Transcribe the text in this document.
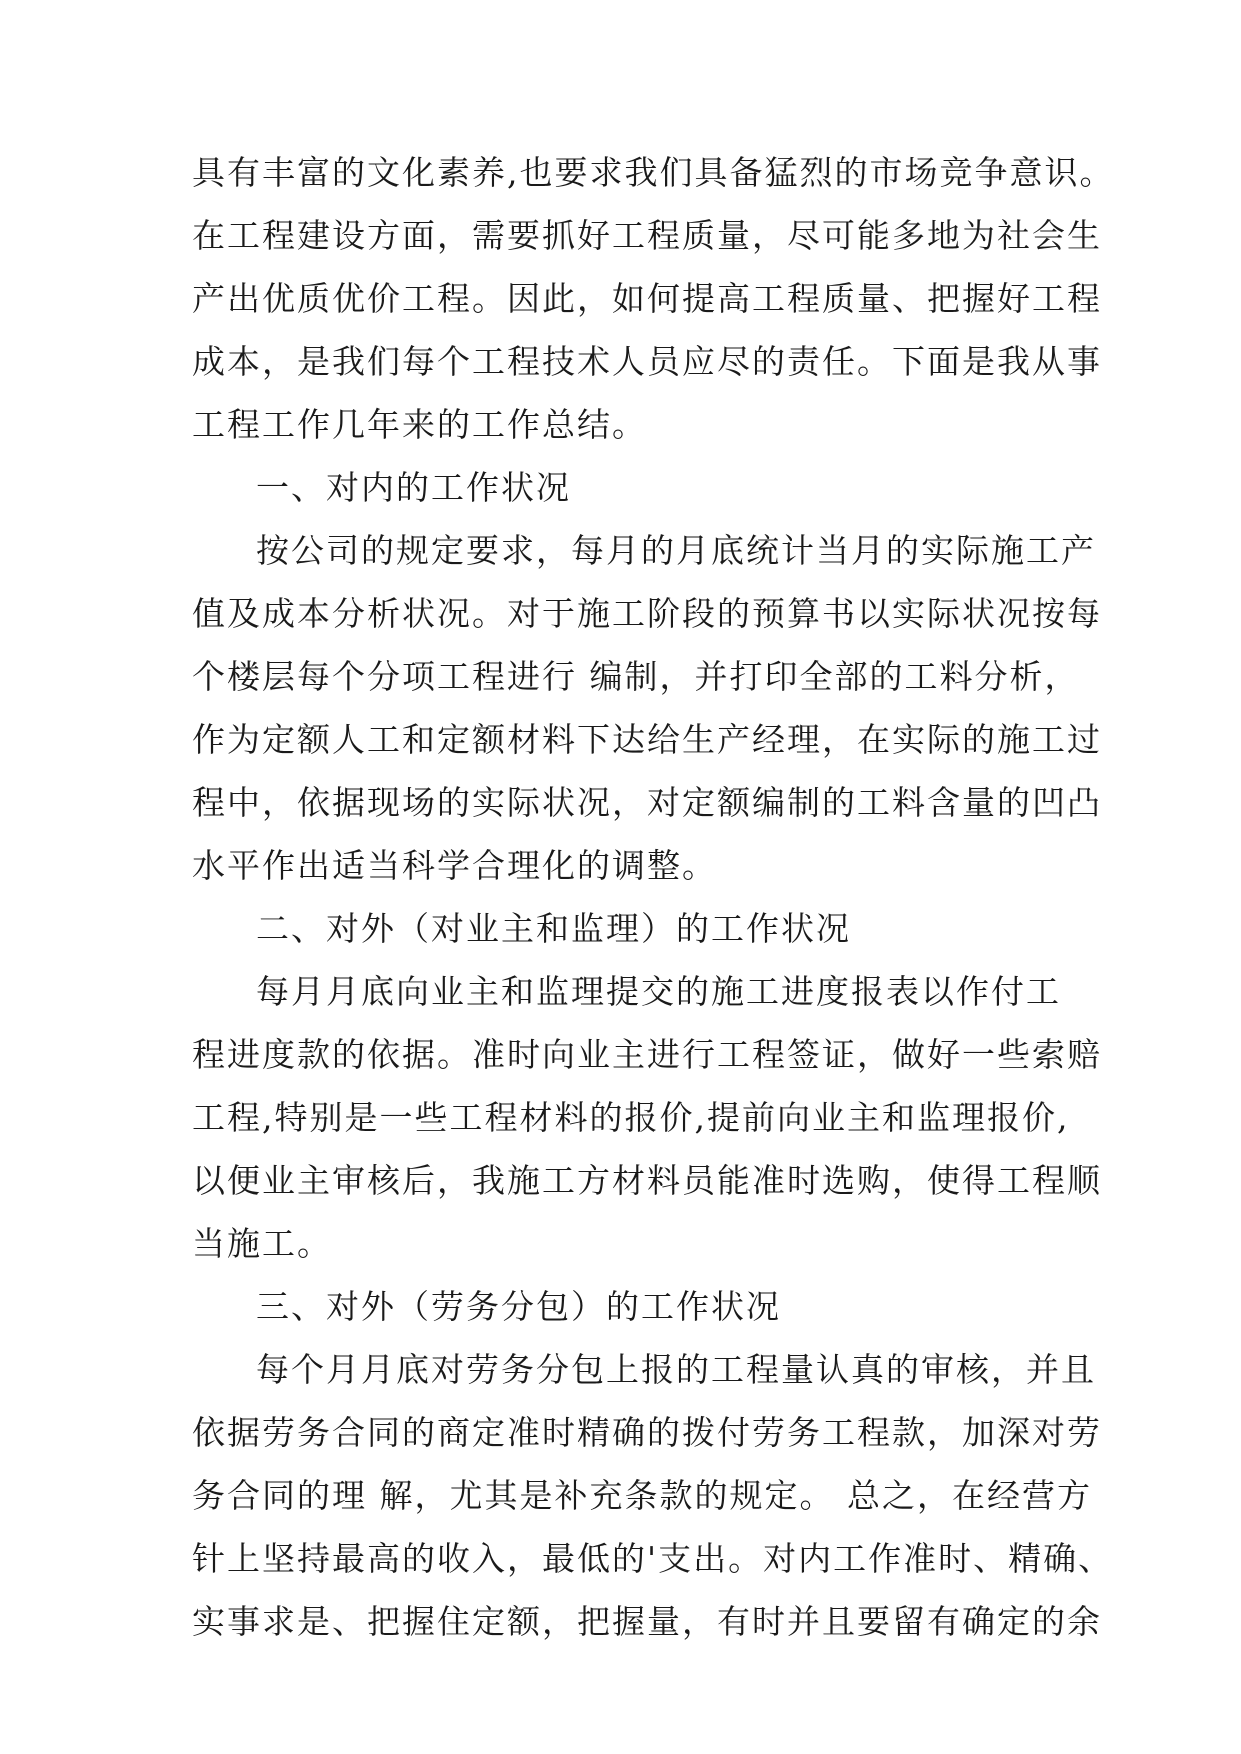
具有丰富的文化素养,也要求我们具备猛烈的市场竞争意识。
在工程建设方面，需要抓好工程质量，尽可能多地为社会生
产出优质优价工程。因此，如何提高工程质量、把握好工程
成本，是我们每个工程技术人员应尽的责任。下面是我从事
工程工作几年来的工作总结。
一、对内的工作状况
按公司的规定要求，每月的月底统计当月的实际施工产
值及成本分析状况。对于施工阶段的预算书以实际状况按每
个楼层每个分项工程进行 编制，并打印全部的工料分析，
作为定额人工和定额材料下达给生产经理，在实际的施工过
程中，依据现场的实际状况，对定额编制的工料含量的凹凸
水平作出适当科学合理化的调整。
二、对外（对业主和监理）的工作状况
每月月底向业主和监理提交的施工进度报表以作付工
程进度款的依据。准时向业主进行工程签证，做好一些索赔
工程,特别是一些工程材料的报价,提前向业主和监理报价,
以便业主审核后，我施工方材料员能准时选购，使得工程顺
当施工。
三、对外（劳务分包）的工作状况
每个月月底对劳务分包上报的工程量认真的审核，并且
依据劳务合同的商定准时精确的拨付劳务工程款，加深对劳
务合同的理 解，尤其是补充条款的规定。 总之，在经营方
针上坚持最高的收入，最低的'支出。对内工作准时、精确、
实事求是、把握住定额，把握量，有时并且要留有确定的余
